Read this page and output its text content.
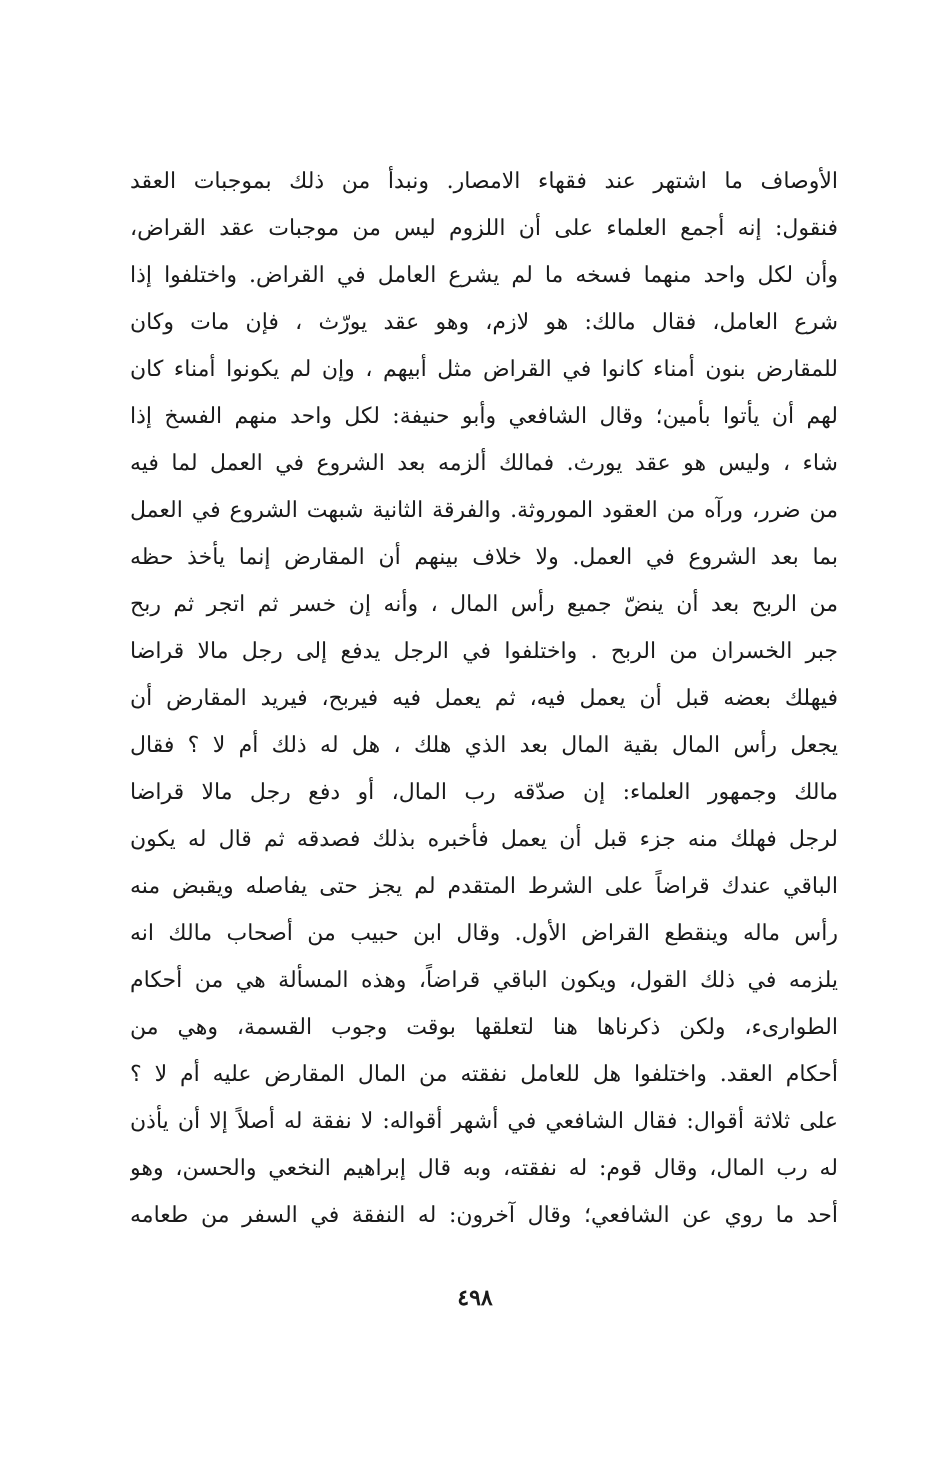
الأوصاف ما اشتهر عند فقهاء الامصار. ونبدأ من ذلك بموجبات العقد
فنقول: إنه أجمع العلماء على أن اللزوم ليس من موجبات عقد القراض،
وأن لكل واحد منهما فسخه ما لم يشرع العامل في القراض. واختلفوا إذا
شرع العامل، فقال مالك: هو لازم، وهو عقد يورّث ، فإن مات وكان
للمقارض بنون أمناء كانوا في القراض مثل أبيهم ، وإن لم يكونوا أمناء كان
لهم أن يأتوا بأمين؛ وقال الشافعي وأبو حنيفة: لكل واحد منهم الفسخ إذا
شاء ، وليس هو عقد يورث. فمالك ألزمه بعد الشروع في العمل لما فيه
من ضرر، ورآه من العقود الموروثة. والفرقة الثانية شبهت الشروع في العمل
بما بعد الشروع في العمل. ولا خلاف بينهم أن المقارض إنما يأخذ حظه
من الربح بعد أن ينضّ جميع رأس المال ، وأنه إن خسر ثم اتجر ثم ربح
جبر الخسران من الربح . واختلفوا في الرجل يدفع إلى رجل مالا قراضا
فيهلك بعضه قبل أن يعمل فيه، ثم يعمل فيه فيربح، فيريد المقارض أن
يجعل رأس المال بقية المال بعد الذي هلك ، هل له ذلك أم لا ؟ فقال
مالك وجمهور العلماء: إن صدّقه رب المال، أو دفع رجل مالا قراضا
لرجل فهلك منه جزء قبل أن يعمل فأخبره بذلك فصدقه ثم قال له يكون
الباقي عندك قراضاً على الشرط المتقدم لم يجز حتى يفاصله ويقبض منه
رأس ماله وينقطع القراض الأول. وقال ابن حبيب من أصحاب مالك انه
يلزمه في ذلك القول، ويكون الباقي قراضاً، وهذه المسألة هي من أحكام
الطوارىء، ولكن ذكرناها هنا لتعلقها بوقت وجوب القسمة، وهي من
أحكام العقد. واختلفوا هل للعامل نفقته من المال المقارض عليه أم لا ؟
على ثلاثة أقوال: فقال الشافعي في أشهر أقواله: لا نفقة له أصلاً إلا أن يأذن
له رب المال، وقال قوم: له نفقته، وبه قال إبراهيم النخعي والحسن، وهو
أحد ما روي عن الشافعي؛ وقال آخرون: له النفقة في السفر من طعامه
٤٩٨
